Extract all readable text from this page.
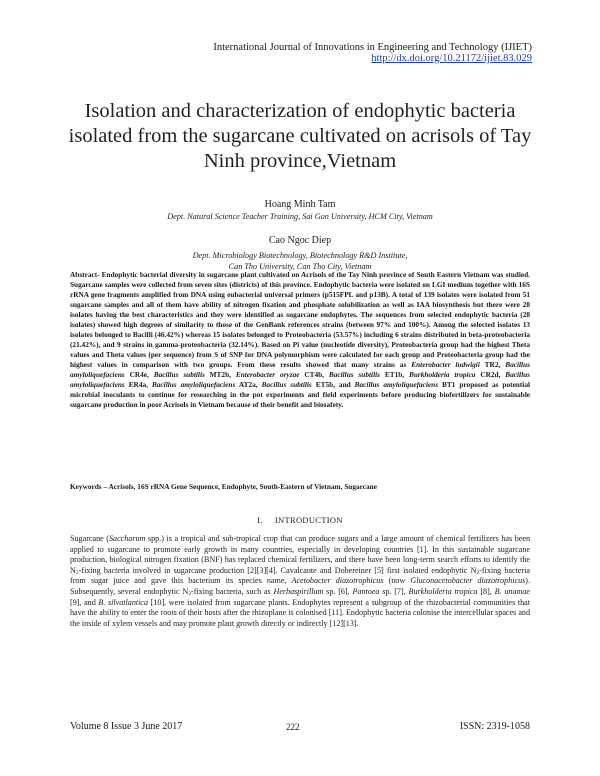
International Journal of Innovations in Engineering and Technology (IJIET)
http://dx.doi.org/10.21172/ijiet.83.029
Isolation and characterization of endophytic bacteria isolated from the sugarcane cultivated on acrisols of Tay Ninh province,Vietnam
Hoang Minh Tam
Dept. Natural Science Teacher Training, Sai Gon University, HCM City, Vietnam
Cao Ngoc Diep
Dept. Microbiology Biotechnology, Biotechnology R&D Institute,
Can Tho University, Can Tho City, Vietnam
Abstract- Endophytic bacterial diversity in sugarcane plant cultivated on Acrisols of the Tay Ninh province of South Eastern Vietnam was studied. Sugarcane samples were collected from seven sites (districts) of this province. Endophytic bacteria were isolated on LGI medium together with 16S rRNA gene fragments amplified from DNA using eubacterial universal primers (p515FPL and p13B). A total of 139 isolates were isolated from 51 sugarcane samples and all of them have ability of nitrogen fixation and phosphate solubilization as well as IAA biosynthesis but there were 28 isolates having the best characteristics and they were identified as sugarcane endophytes. The sequences from selected endophytic bacteria (28 isolates) showed high degrees of similarity to those of the GenBank references strains (between 97% and 100%). Among the selected isolates 13 isolates belonged to Bacilli (46.42%) whereas 15 isolates belonged to Proteobacteria (53.57%) including 6 strains distributed in beta-proteobacteria (21.42%), and 9 strains in gamma-proteobacteria (32.14%). Based on Pi value (nucleotide diversity), Proteobacteria group had the highest Theta values and Theta values (per sequence) from S of SNP for DNA polymorphism were calculated for each group and Proteobacteria group had the highest values in comparison with two groups. From these results showed that many strains as Enterobacter ludwigii TR2, Bacillus amyloliquefaciens CR4e, Bacillus subtilis MT2b, Enterobacter oryzae CT4b, Bacillus subtilis ET1b, Burkholderia tropica CR2d, Bacillus amyloliquefaciens ER4a, Bacillus amyloliquefaciens AT2a, Bacillus subtilis ET5b, and Bacillus amyloliquefaciens BT1 proposed as potential microbial inoculants to continue for researching in the pot experiments and field experiments before producing biofertilizers for sustainable sugarcane production in poor Acrisols in Vietnam because of their benefit and biosafety.
Keywords – Acrisols, 16S rRNA Gene Sequence, Endophyte, South-Eastern of Vietnam, Sugarcane
I. INTRODUCTION
Sugarcane (Saccharum spp.) is a tropical and sub-tropical crop that can produce sugars and a large amount of chemical fertilizers has been applied to sugarcane to promote early growth in many countries, especially in developing countries [1]. In this sustainable sugarcane production, biological nitrogen fixation (BNF) has replaced chemical fertilizers, and there have been long-term search efforts to identify the $N_2$-fixing bacteria involved in sugarcane production [2][3][4]. Cavalcante and Dobereiner [5] first isolated endophytic $N_2$-fixing bacteria from sugar juice and gave this bacterium its species name, Acetobacter diazotrophicus (now Gluconacetobacter diazotrophicus). Subsequently, several endophytic $N_2$-fixing bacteria, such as Herbaspirillum sp. [6], Pantoea sp. [7], Burkholderia tropica [8], B. unamae [9], and B. silvatlantica [10], were isolated from sugarcane plants. Endophytes represent a subgroup of the rhizobacterial communities that have the ability to enter the roots of their hosts after the rhizoplane is colonised [11]. Endophytic bacteria colonise the intercellular spaces and the inside of xylem vessels and may promote plant growth directly or indirectly [12][13].
Volume 8 Issue 3 June 2017	222	ISSN: 2319-1058
